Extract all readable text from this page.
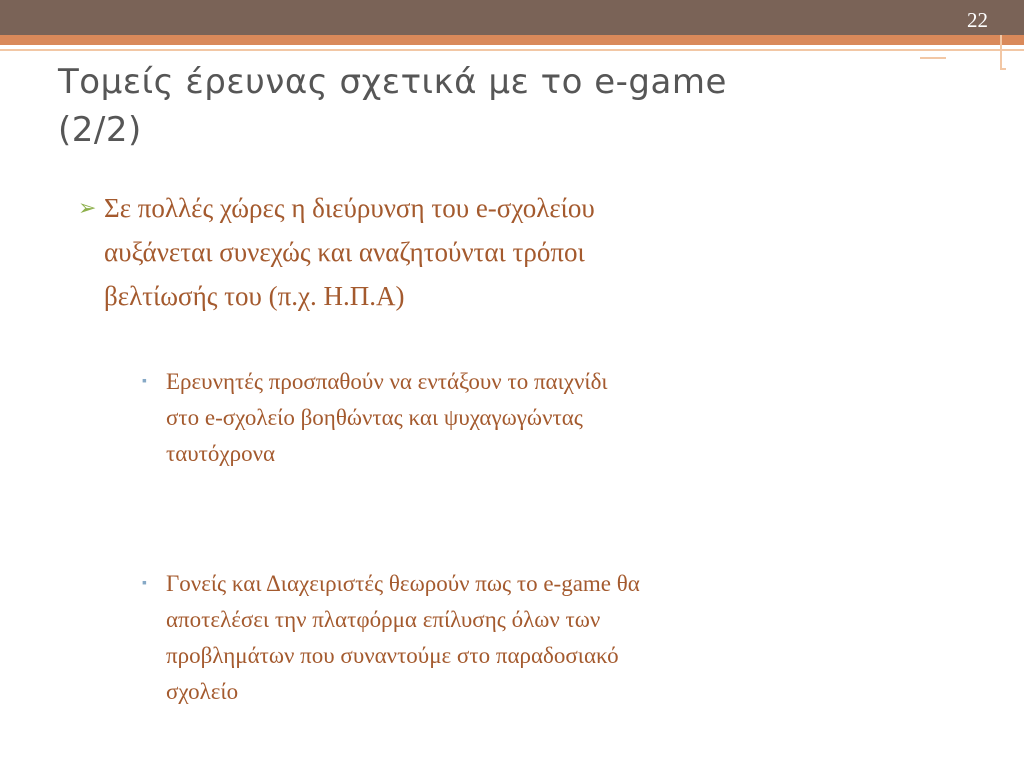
22
Τομείς έρευνας σχετικά με το e-game
(2/2)
➢ Σε πολλές χώρες η διεύρυνση του e-σχολείου
αυξάνεται συνεχώς και αναζητούνται τρόποι
βελτίωσής του (π.χ. Η.Π.Α)
▪ Ερευνητές προσπαθούν να εντάξουν το παιχνίδι
στο e-σχολείο βοηθώντας και ψυχαγωγώντας
ταυτόχρονα
▪ Γονείς και Διαχειριστές θεωρούν πως το e-game θα
αποτελέσει την πλατφόρμα επίλυσης όλων των
προβλημάτων που συναντούμε στο παραδοσιακό
σχολείο
